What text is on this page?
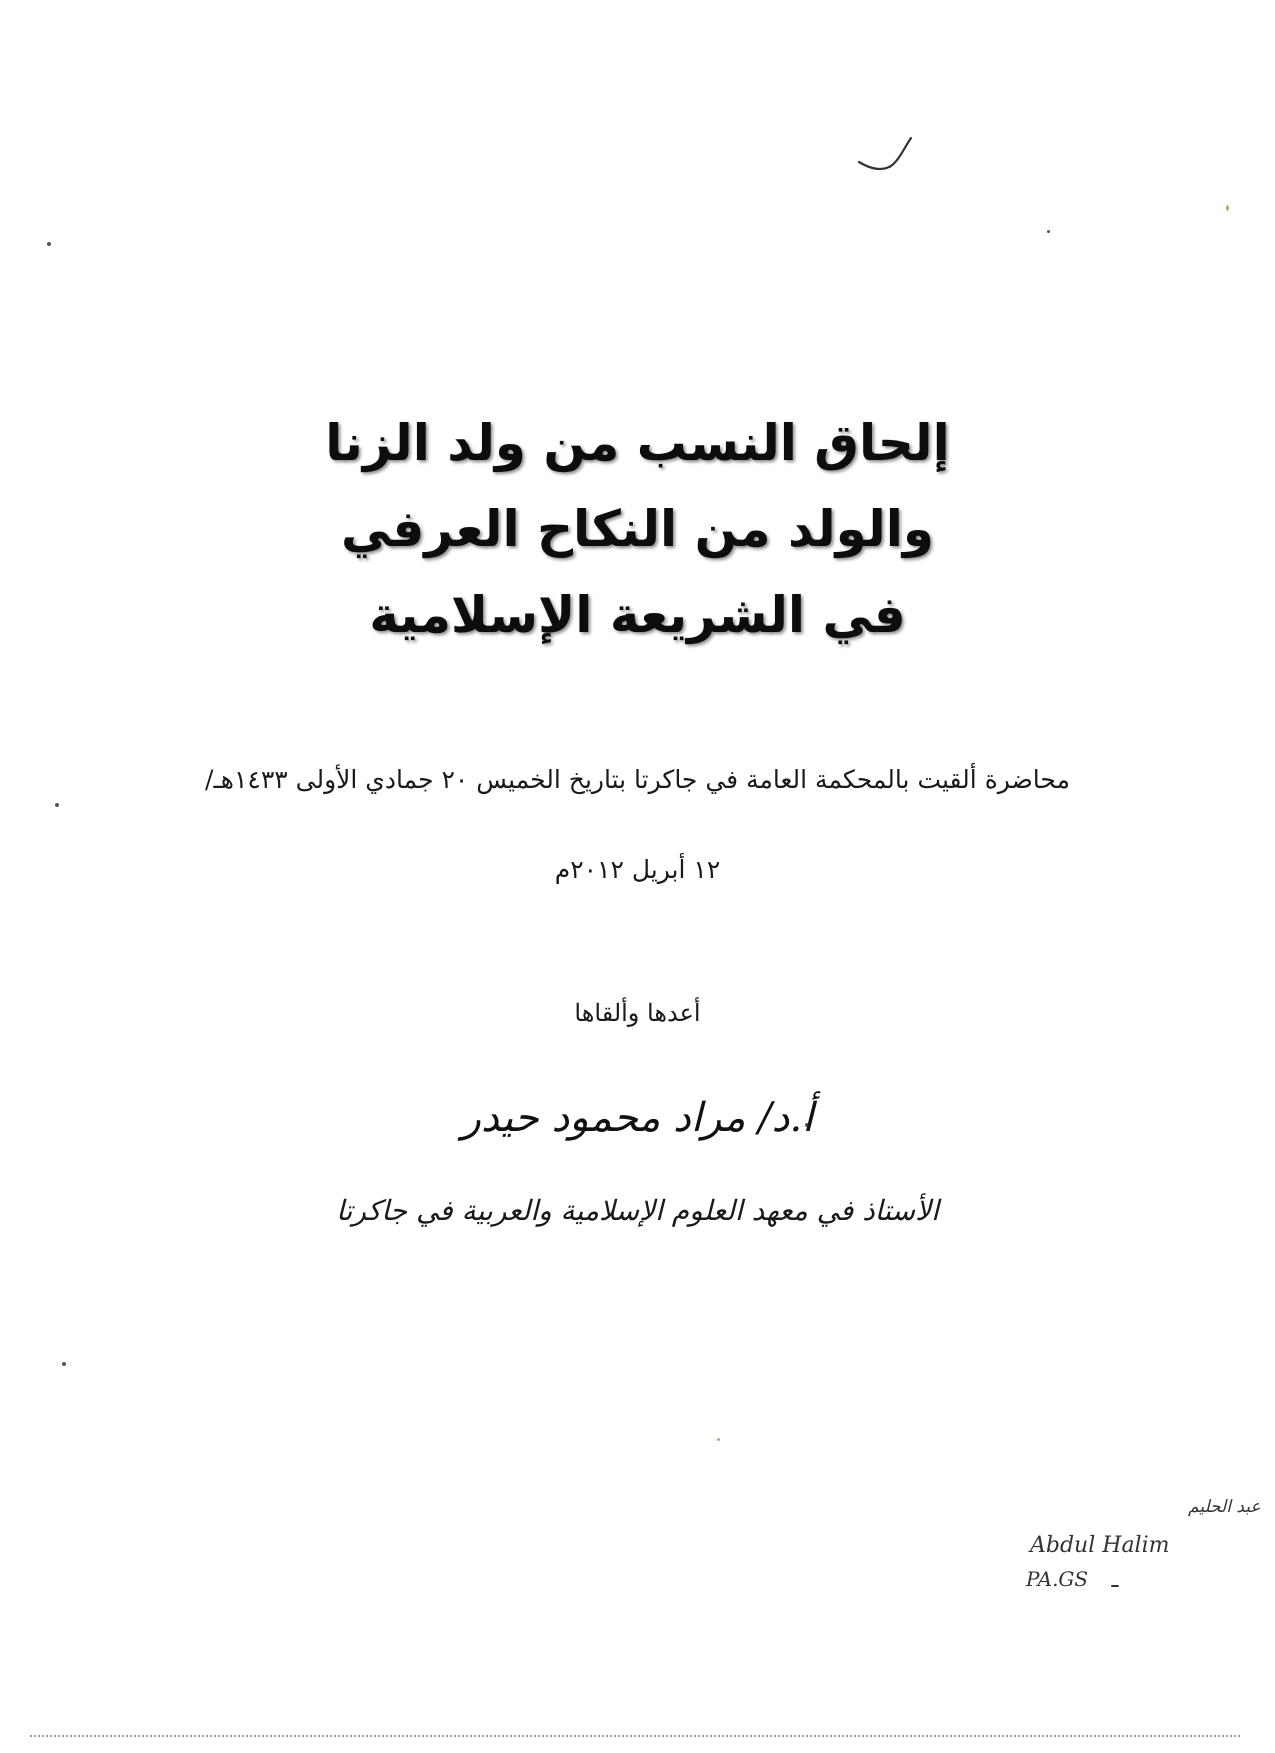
إلحاق النسب من ولد الزنا
والولد من النكاح العرفي
في الشريعة الإسلامية
محاضرة ألقيت بالمحكمة العامة في جاكرتا بتاريخ الخميس ٢٠ جمادي الأولى ١٤٣٣هـ/
١٢ أبريل ٢٠١٢م
أعدها وألقاها
أ.د/ مراد محمود حيدر
الأستاذ في معهد العلوم الإسلامية والعربية في جاكرتا
عبد الحليم
Abdul Halim
PA.GS
